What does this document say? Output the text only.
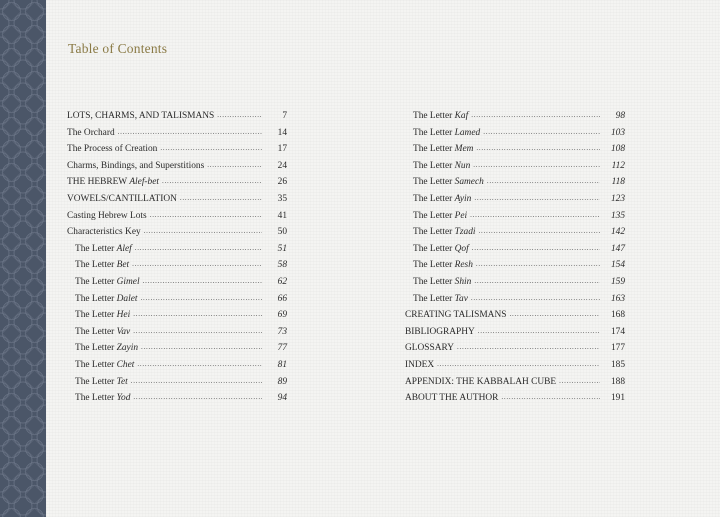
Table of Contents
LOTS, CHARMS, AND TALISMANS . . .	7
The Orchard . . .	14
The Process of Creation . . .	17
Charms, Bindings, and Superstitions . . .	24
THE HEBREW Alef-bet . . .	26
VOWELS/CANTILLATION . . .	35
Casting Hebrew Lots . . .	41
Characteristics Key . . .	50
The Letter Alef . . .	51
The Letter Bet . . .	58
The Letter Gimel . . .	62
The Letter Dalet . . .	66
The Letter Hei . . .	69
The Letter Vav . . .	73
The Letter Zayin . . .	77
The Letter Chet . . .	81
The Letter Tet . . .	89
The Letter Yod . . .	94
The Letter Kaf . . .	98
The Letter Lamed . . .	103
The Letter Mem . . .	108
The Letter Nun . . .	112
The Letter Samech . . .	118
The Letter Ayin . . .	123
The Letter Pei . . .	135
The Letter Tzadi . . .	142
The Letter Qof . . .	147
The Letter Resh . . .	154
The Letter Shin . . .	159
The Letter Tav . . .	163
CREATING TALISMANS . . .	168
BIBLIOGRAPHY . . .	174
GLOSSARY . . .	177
INDEX . . .	185
APPENDIX: THE KABBALAH CUBE . . .	188
ABOUT THE AUTHOR . . .	191
